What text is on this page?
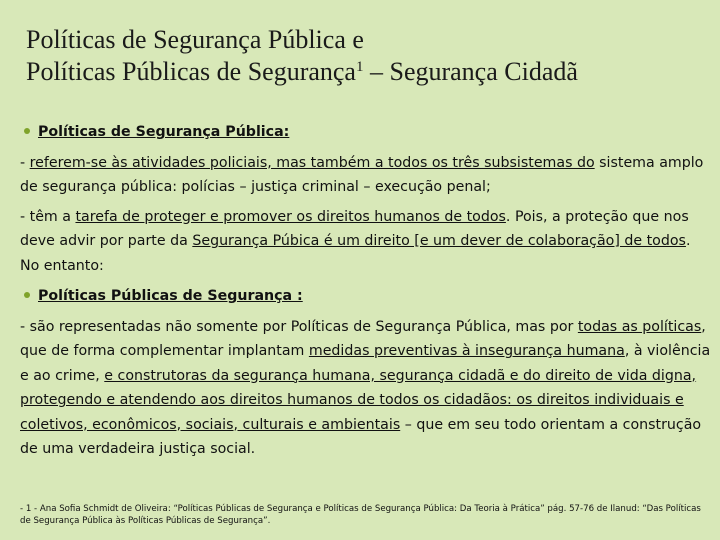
Políticas de Segurança Pública e
Políticas Públicas de Segurança$^1$ – Segurança Cidadã
Políticas de Segurança Pública:

- referem-se às atividades policiais, mas também a todos os três subsistemas do sistema amplo de segurança pública: polícias – justiça criminal – execução penal;

- têm a tarefa de proteger e promover os direitos humanos de todos. Pois, a proteção que nos deve advir por parte da Segurança Púbica é um direito [e um dever de colaboração] de todos. No entanto:

Políticas Públicas de Segurança :

- são representadas não somente por Políticas de Segurança Pública, mas por todas as políticas, que de forma complementar implantam medidas preventivas à insegurança humana, à violência e ao crime, e construtoras da segurança humana, segurança cidadã e do direito de vida digna, protegendo e atendendo aos direitos humanos de todos os cidadãos: os direitos individuais e coletivos, econômicos, sociais, culturais e ambientais – que em seu todo orientam a construção de uma verdadeira justiça social.

- 1 - Ana Sofia Schmidt de Oliveira: “Políticas Públicas de Segurança e Políticas de Segurança Pública: Da Teoria à Prática” pág. 57-76 de Ilanud: “Das Políticas de Segurança Pública às Políticas Públicas de Segurança”.
